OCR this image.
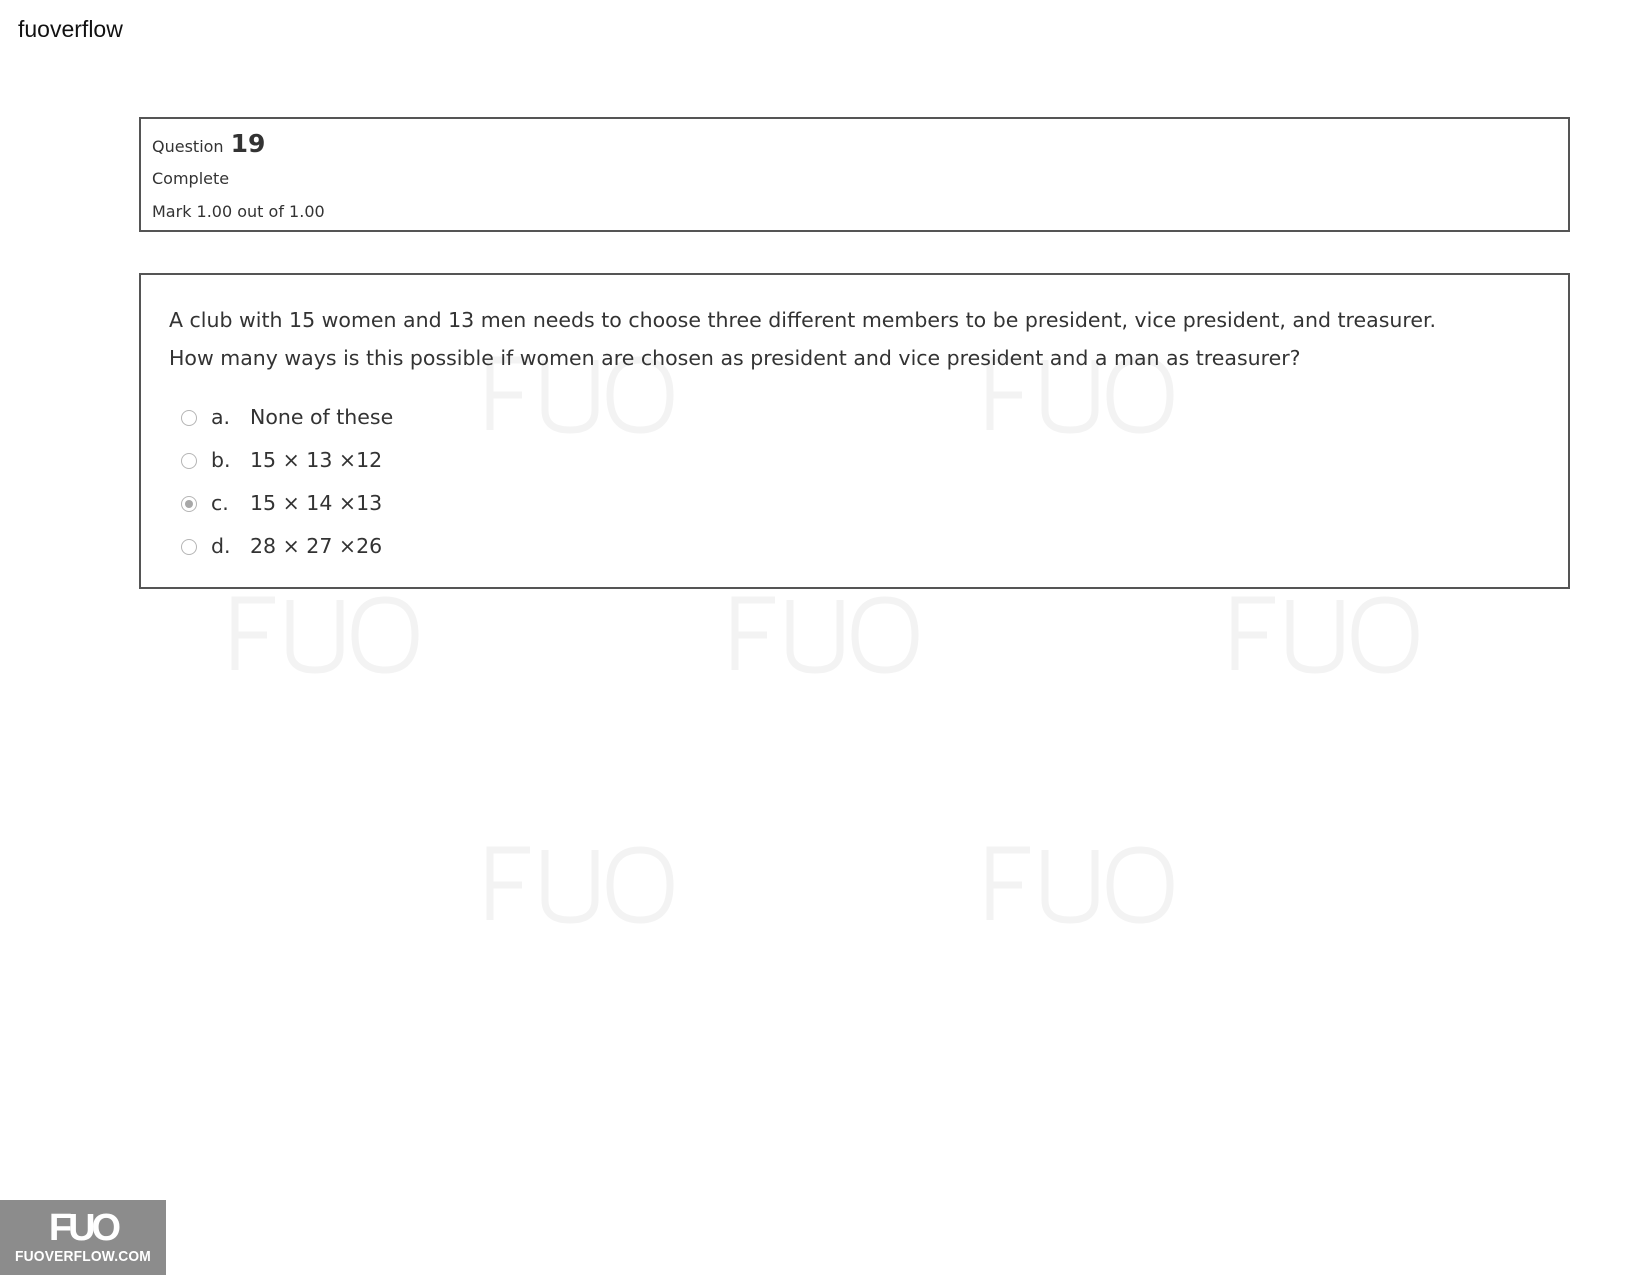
fuoverflow
Question 19
Complete
Mark 1.00 out of 1.00
A club with 15 women and 13 men needs to choose three different members to be president, vice president, and treasurer.
How many ways is this possible if women are chosen as president and vice president and a man as treasurer?
a. None of these
b. 15 × 13 ×12
c.	15 × 14 ×13
d. 28 × 27 ×26
FUO
FUOVERFLOW.COM
